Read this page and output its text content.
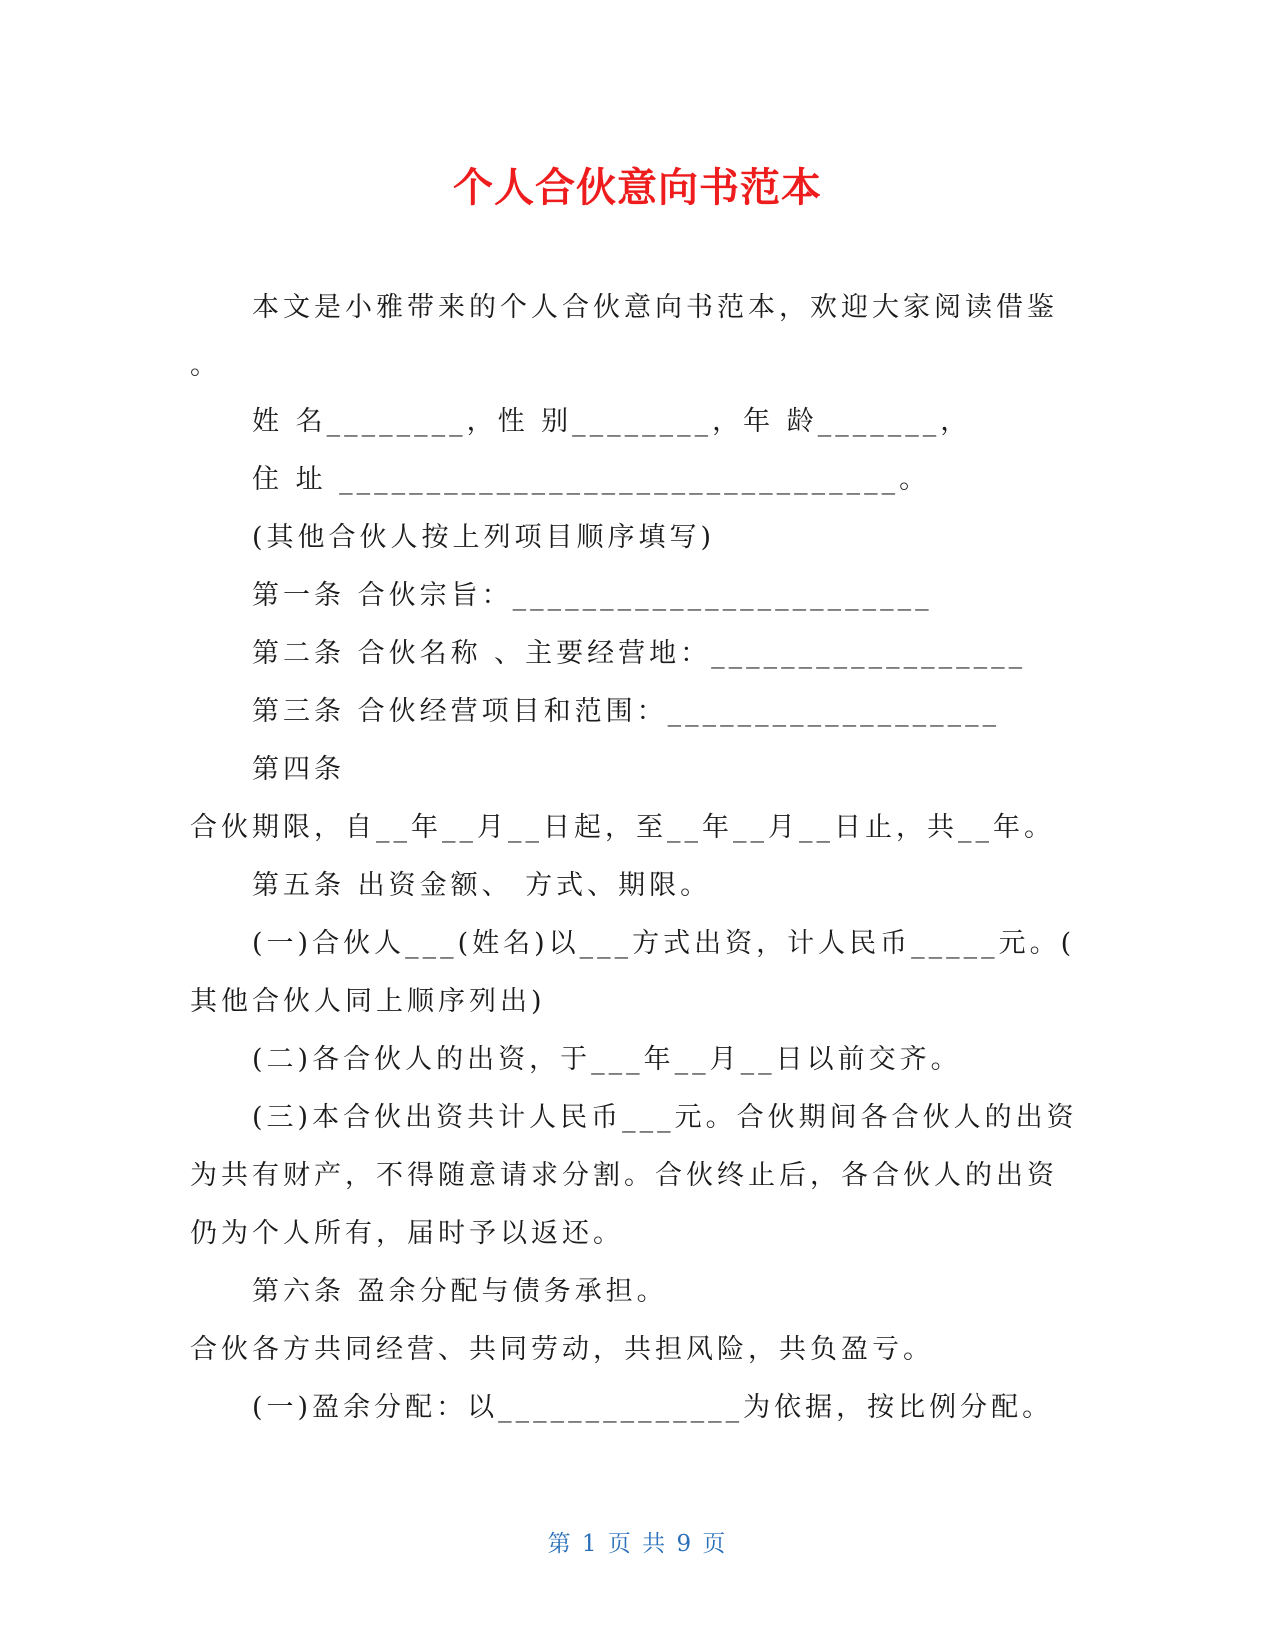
个人合伙意向书范本
本文是小雅带来的个人合伙意向书范本，欢迎大家阅读借鉴
。
姓 名________，性 别________，年 龄_______，
住 址 ________________________________。
(其他合伙人按上列项目顺序填写)
第一条 合伙宗旨：________________________
第二条 合伙名称 、主要经营地：__________________
第三条 合伙经营项目和范围：___________________
第四条
合伙期限，自__年__月__日起，至__年__月__日止，共__年。
第五条 出资金额、 方式、期限。
(一)合伙人___(姓名)以___方式出资，计人民币_____元。(
其他合伙人同上顺序列出)
(二)各合伙人的出资，于___年__月__日以前交齐。
(三)本合伙出资共计人民币___元。合伙期间各合伙人的出资
为共有财产，不得随意请求分割。合伙终止后，各合伙人的出资
仍为个人所有，届时予以返还。
第六条 盈余分配与债务承担。
合伙各方共同经营、共同劳动，共担风险，共负盈亏。
(一)盈余分配：以______________为依据，按比例分配。
第 1 页 共 9 页
